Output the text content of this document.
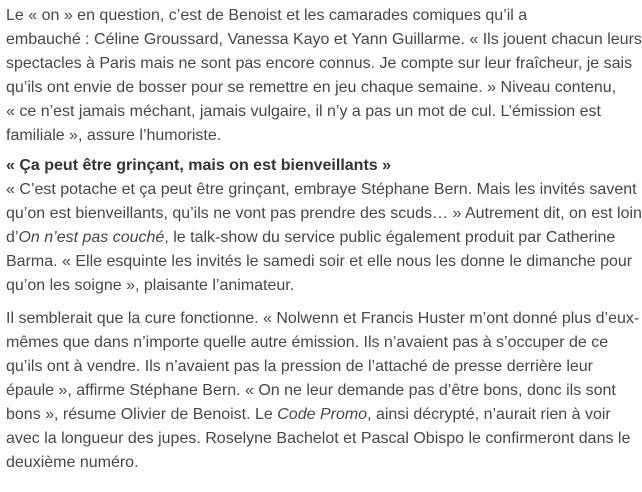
Le « on » en question, c’est de Benoist et les camarades comiques qu’il a
embauché : Céline Groussard, Vanessa Kayo et Yann Guillarme. « Ils jouent chacun leurs
spectacles à Paris mais ne sont pas encore connus. Je compte sur leur fraîcheur, je sais
qu’ils ont envie de bosser pour se remettre en jeu chaque semaine. » Niveau contenu,
« ce n’est jamais méchant, jamais vulgaire, il n’y a pas un mot de cul. L’émission est
familiale », assure l’humoriste.

« Ça peut être grinçant, mais on est bienveillants »

« C’est potache et ça peut être grinçant, embraye Stéphane Bern. Mais les invités savent
qu’on est bienveillants, qu’ils ne vont pas prendre des scuds… » Autrement dit, on est loin
d’On n’est pas couché, le talk-show du service public également produit par Catherine
Barma. « Elle esquinte les invités le samedi soir et elle nous les donne le dimanche pour
qu’on les soigne », plaisante l’animateur.

Il semblerait que la cure fonctionne. « Nolwenn et Francis Huster m’ont donné plus d’eux-
mêmes que dans n’importe quelle autre émission. Ils n’avaient pas à s’occuper de ce
qu’ils ont à vendre. Ils n’avaient pas la pression de l’attaché de presse derrière leur
épaule », affirme Stéphane Bern. « On ne leur demande pas d’être bons, donc ils sont
bons », résume Olivier de Benoist. Le Code Promo, ainsi décrypté, n’aurait rien à voir
avec la longueur des jupes. Roselyne Bachelot et Pascal Obispo le confirmeront dans le
deuxième numéro.
